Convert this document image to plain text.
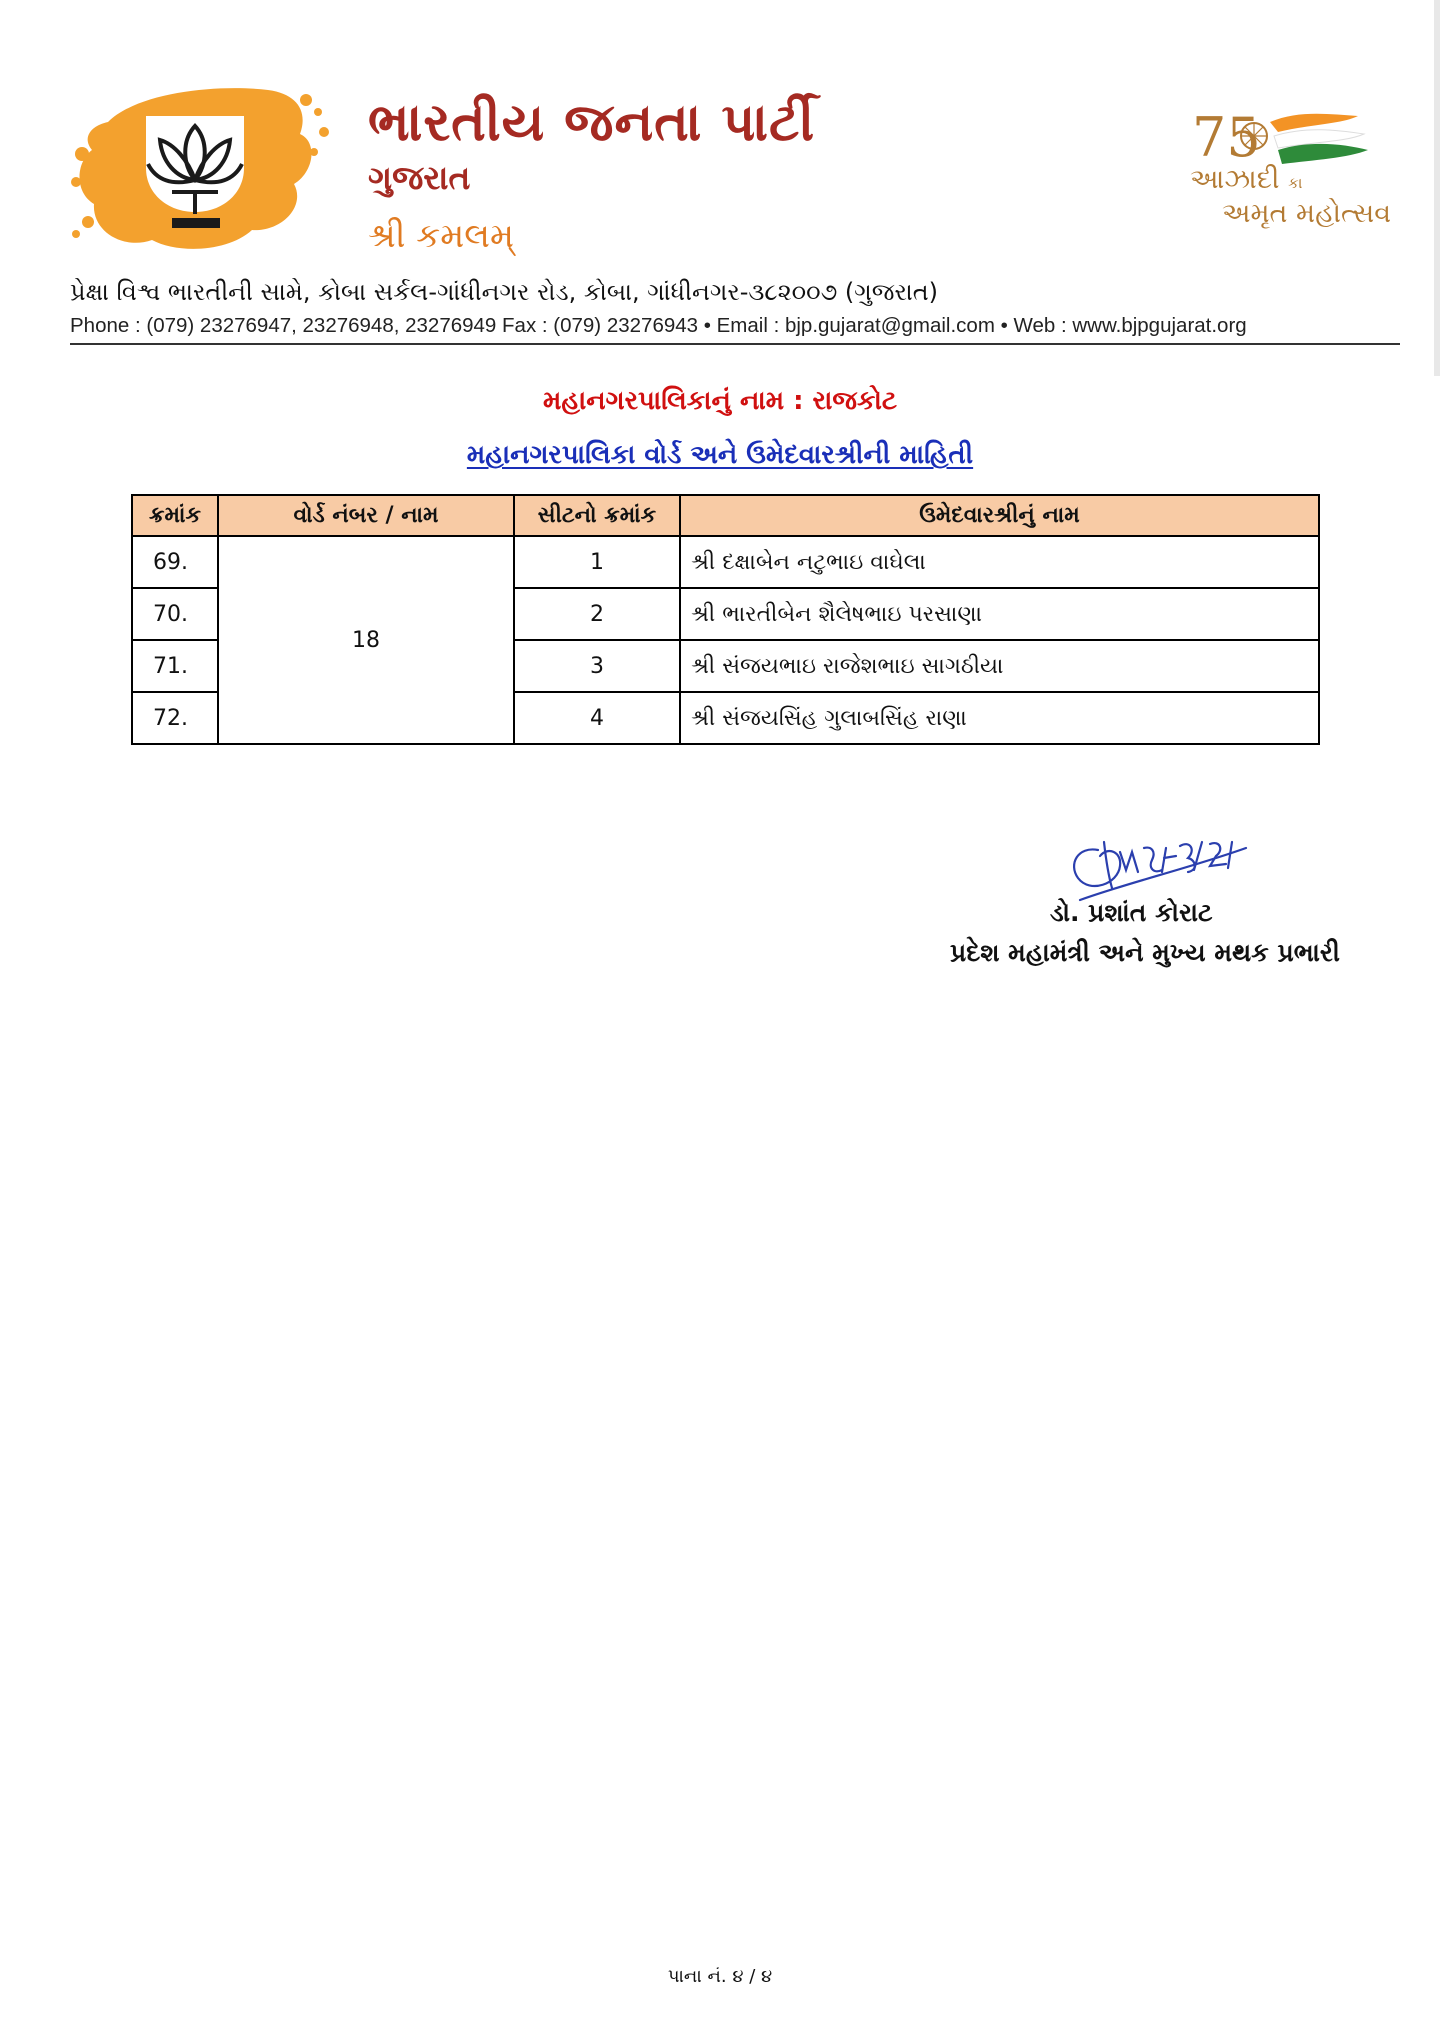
ભારતીય જનતા પાર્ટી
ગુજરાત
શ્રી કમલમ્
75
આઝાદી કા
અમૃત મહોત્સવ
પ્રેક્ષા વિશ્વ ભારતીની સામે, કોબા સર્કલ-ગાંધીનગર રોડ, કોબા, ગાંધીનગર-૩૮૨૦૦૭ (ગુજરાત)
Phone : (079) 23276947, 23276948, 23276949 Fax : (079) 23276943 • Email : bjp.gujarat@gmail.com • Web : www.bjpgujarat.org
મહાનગરપાલિકાનું નામ : રાજકોટ
મહાનગરપાલિકા વોર્ડ અને ઉમેદવારશ્રીની માહિતી
ક્રમાંક	વોર્ડ નંબર / નામ	સીટનો ક્રમાંક	ઉમેદવારશ્રીનું નામ
69.	18	1	શ્રી દક્ષાબેન નટુભાઇ વાઘેલા
70.		2	શ્રી ભારતીબેન શૈલેષભાઇ પરસાણા
71.		3	શ્રી સંજયભાઇ રાજેશભાઇ સાગઠીયા
72.		4	શ્રી સંજયસિંહ ગુલાબસિંહ રાણા
ડો. પ્રશાંત કોરાટ
પ્રદેશ મહામંત્રી અને મુખ્ય મથક પ્રભારી
પાના નં. ૪ / ૪
